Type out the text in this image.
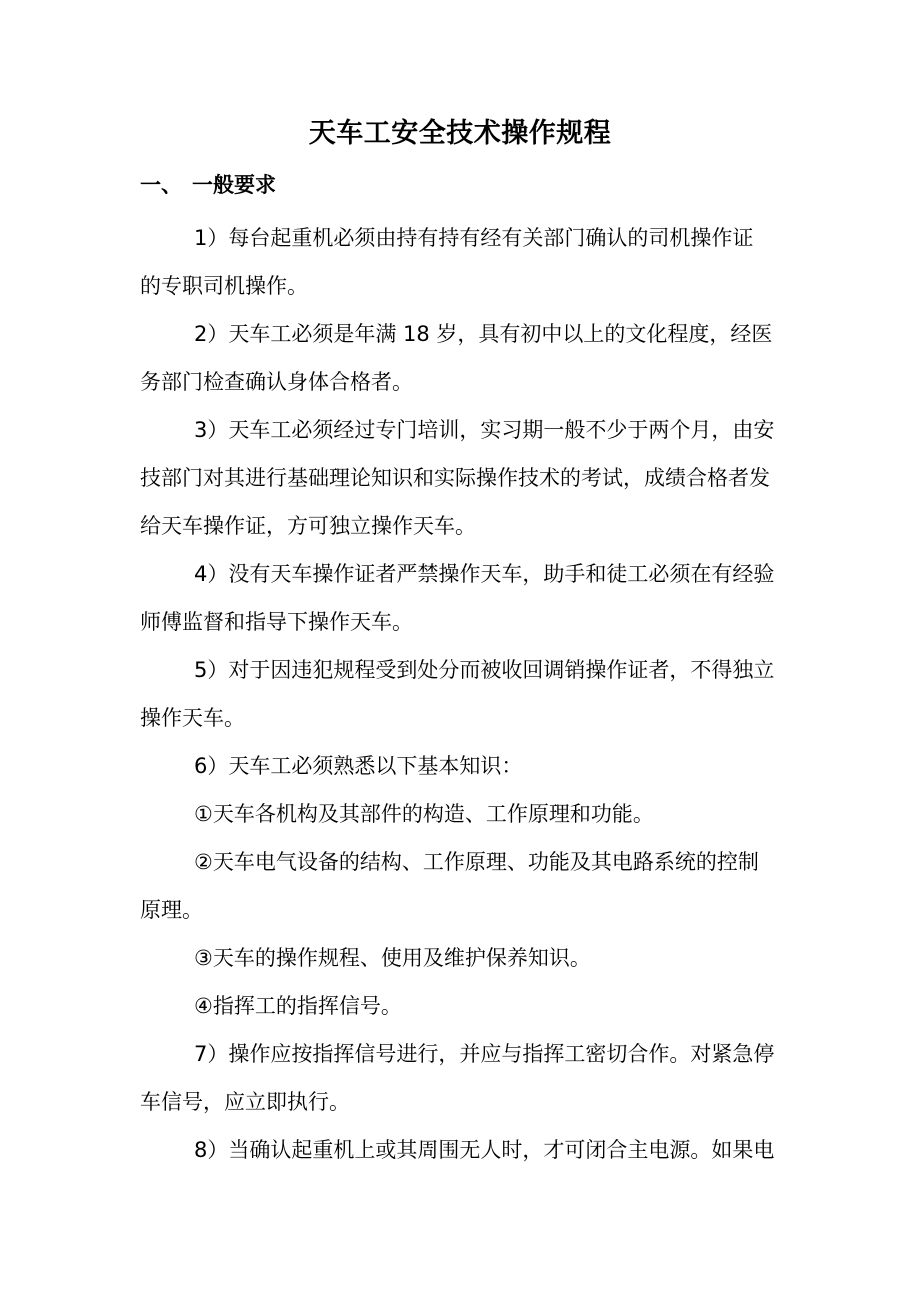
天车工安全技术操作规程
一、 一般要求

1）每台起重机必须由持有持有经有关部门确认的司机操作证
的专职司机操作。

2）天车工必须是年满 18 岁，具有初中以上的文化程度，经医
务部门检查确认身体合格者。

3）天车工必须经过专门培训，实习期一般不少于两个月，由安
技部门对其进行基础理论知识和实际操作技术的考试，成绩合格者发
给天车操作证，方可独立操作天车。

4）没有天车操作证者严禁操作天车，助手和徒工必须在有经验
师傅监督和指导下操作天车。

5）对于因违犯规程受到处分而被收回调销操作证者，不得独立
操作天车。

6）天车工必须熟悉以下基本知识：

①天车各机构及其部件的构造、工作原理和功能。

②天车电气设备的结构、工作原理、功能及其电路系统的控制
原理。

③天车的操作规程、使用及维护保养知识。

④指挥工的指挥信号。

7）操作应按指挥信号进行，并应与指挥工密切合作。对紧急停
车信号，应立即执行。

8）当确认起重机上或其周围无人时，才可闭合主电源。如果电
